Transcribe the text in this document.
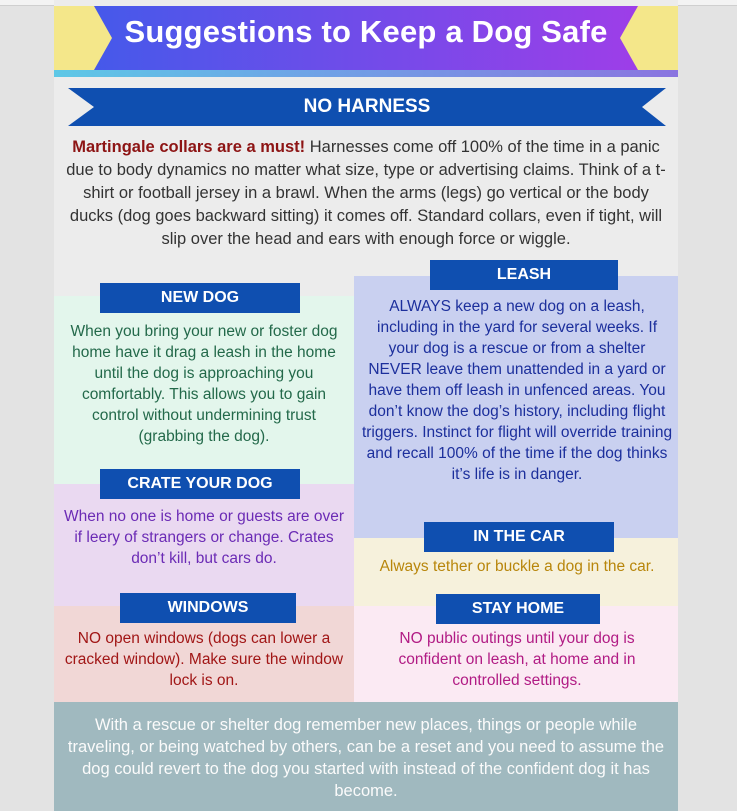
Suggestions to Keep a Dog Safe
NO HARNESS
Martingale collars are a must! Harnesses come off 100% of the time in a panic due to body dynamics no matter what size, type or advertising claims. Think of a t-shirt or football jersey in a brawl. When the arms (legs) go vertical or the body ducks (dog goes backward sitting) it comes off. Standard collars, even if tight, will slip over the head and ears with enough force or wiggle.
NEW DOG
When you bring your new or foster dog home have it drag a leash in the home until the dog is approaching you comfortably. This allows you to gain control without undermining trust (grabbing the dog).
CRATE YOUR DOG
When no one is home or guests are over if leery of strangers or change. Crates don’t kill, but cars do.
WINDOWS
NO open windows (dogs can lower a cracked window). Make sure the window lock is on.
LEASH
ALWAYS keep a new dog on a leash, including in the yard for several weeks. If your dog is a rescue or from a shelter NEVER leave them unattended in a yard or have them off leash in unfenced areas. You don’t know the dog’s history, including flight triggers. Instinct for flight will override training and recall 100% of the time if the dog thinks it’s life is in danger.
IN THE CAR
Always tether or buckle a dog in the car.
STAY HOME
NO public outings until your dog is confident on leash, at home and in controlled settings.
With a rescue or shelter dog remember new places, things or people while traveling, or being watched by others, can be a reset and you need to assume the dog could revert to the dog you started with instead of the confident dog it has become.
